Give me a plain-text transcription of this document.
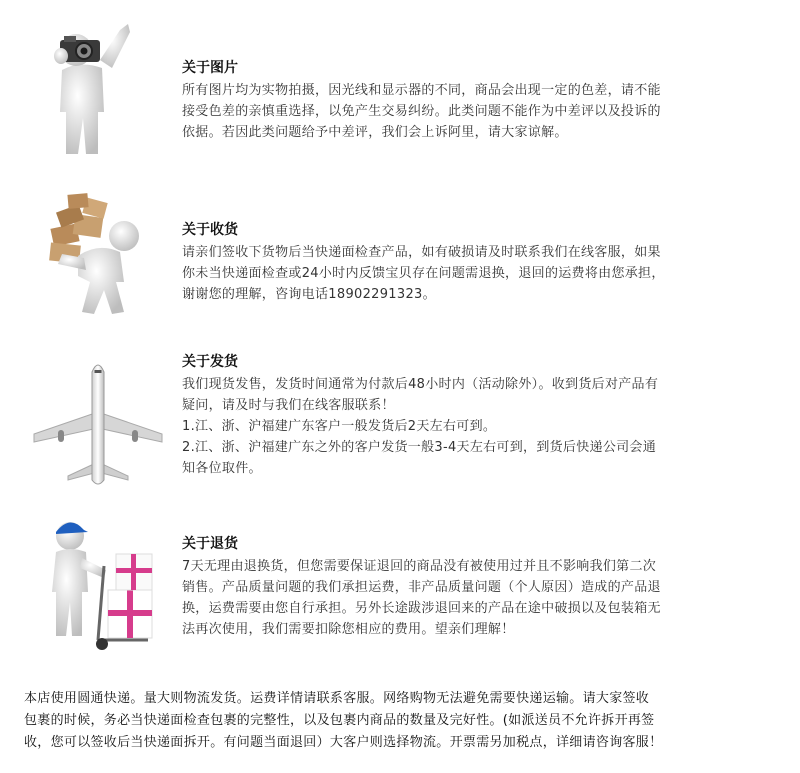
关于图片

所有图片均为实物拍摄，因光线和显示器的不同，商品会出现一定的色差，请不能

接受色差的亲慎重选择，以免产生交易纠纷。此类问题不能作为中差评以及投诉的

依据。若因此类问题给予中差评，我们会上诉阿里，请大家谅解。

关于收货

请亲们签收下货物后当快递面检查产品，如有破损请及时联系我们在线客服，如果

你未当快递面检查或24小时内反馈宝贝存在问题需退换，退回的运费将由您承担，

谢谢您的理解，咨询电话18902291323。

关于发货

我们现货发售，发货时间通常为付款后48小时内（活动除外）。收到货后对产品有

疑问，请及时与我们在线客服联系！

1.江、浙、沪福建广东客户一般发货后2天左右可到。

2.江、浙、沪福建广东之外的客户发货一般3-4天左右可到，到货后快递公司会通

知各位取件。

关于退货

7天无理由退换货，但您需要保证退回的商品没有被使用过并且不影响我们第二次

销售。产品质量问题的我们承担运费，非产品质量问题（个人原因）造成的产品退

换，运费需要由您自行承担。另外长途跋涉退回来的产品在途中破损以及包装箱无

法再次使用，我们需要扣除您相应的费用。望亲们理解！

本店使用圆通快递。量大则物流发货。运费详情请联系客服。网络购物无法避免需要快递运输。请大家签收
包裹的时候，务必当快递面检查包裹的完整性，以及包裹内商品的数量及完好性。(如派送员不允许拆开再签
收，您可以签收后当快递面拆开。有问题当面退回）大客户则选择物流。开票需另加税点，详细请咨询客服！
